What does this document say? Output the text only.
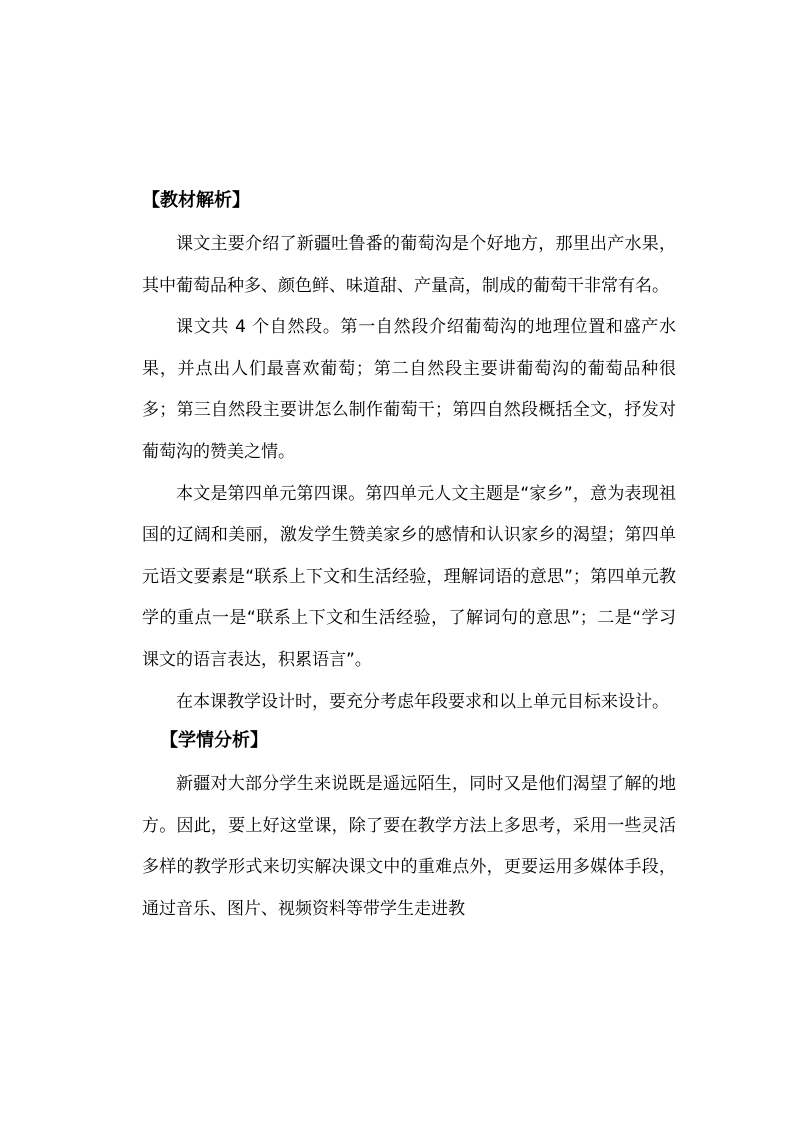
【教材解析】

课文主要介绍了新疆吐鲁番的葡萄沟是个好地方，那里出产水果，其中葡萄品种多、颜色鲜、味道甜、产量高，制成的葡萄干非常有名。

课文共 4 个自然段。第一自然段介绍葡萄沟的地理位置和盛产水果，并点出人们最喜欢葡萄；第二自然段主要讲葡萄沟的葡萄品种很多；第三自然段主要讲怎么制作葡萄干；第四自然段概括全文，抒发对葡萄沟的赞美之情。

本文是第四单元第四课。第四单元人文主题是“家乡”，意为表现祖国的辽阔和美丽，激发学生赞美家乡的感情和认识家乡的渴望；第四单元语文要素是“联系上下文和生活经验，理解词语的意思”；第四单元教学的重点一是“联系上下文和生活经验，了解词句的意思”；二是“学习课文的语言表达，积累语言”。

在本课教学设计时，要充分考虑年段要求和以上单元目标来设计。

【学情分析】

新疆对大部分学生来说既是遥远陌生，同时又是他们渴望了解的地方。因此，要上好这堂课，除了要在教学方法上多思考，采用一些灵活多样的教学形式来切实解决课文中的重难点外，更要运用多媒体手段，通过音乐、图片、视频资料等带学生走进教
